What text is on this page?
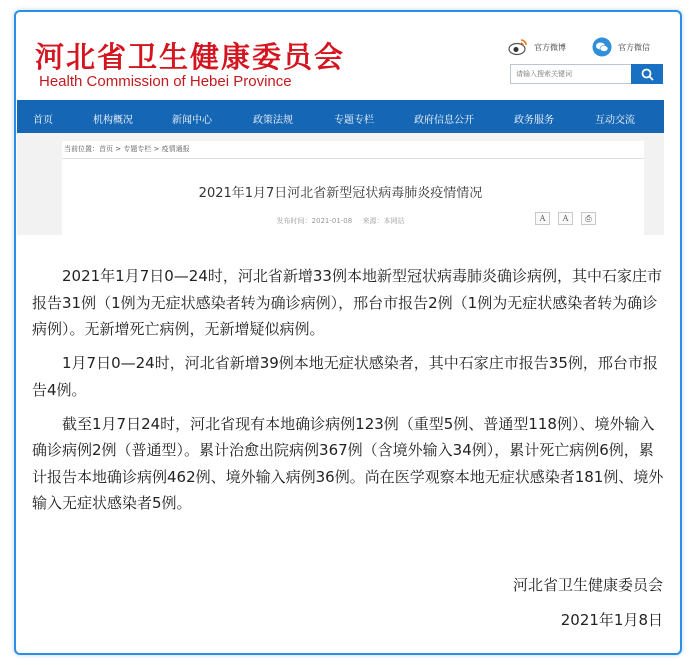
河北省卫生健康委员会
Health Commission of Hebei Province
官方微博	官方微信
请输入搜索关键词
首页	机构概况	新闻中心	政策法规	专题专栏	政府信息公开	政务服务	互动交流
当前位置：首页 > 专题专栏 > 疫情通报
2021年1月7日河北省新型冠状病毒肺炎疫情情况
发布时间：2021-01-08 来源：本网站	A	A	⎙

2021年1月7日0—24时，河北省新增33例本地新型冠状病毒肺炎确诊病例，其中石家庄市报告31例（1例为无症状感染者转为确诊病例），邢台市报告2例（1例为无症状感染者转为确诊病例）。无新增死亡病例，无新增疑似病例。

1月7日0—24时，河北省新增39例本地无症状感染者，其中石家庄市报告35例，邢台市报告4例。

截至1月7日24时，河北省现有本地确诊病例123例（重型5例、普通型118例）、境外输入确诊病例2例（普通型）。累计治愈出院病例367例（含境外输入34例），累计死亡病例6例，累计报告本地确诊病例462例、境外输入病例36例。尚在医学观察本地无症状感染者181例、境外输入无症状感染者5例。

河北省卫生健康委员会
2021年1月8日
